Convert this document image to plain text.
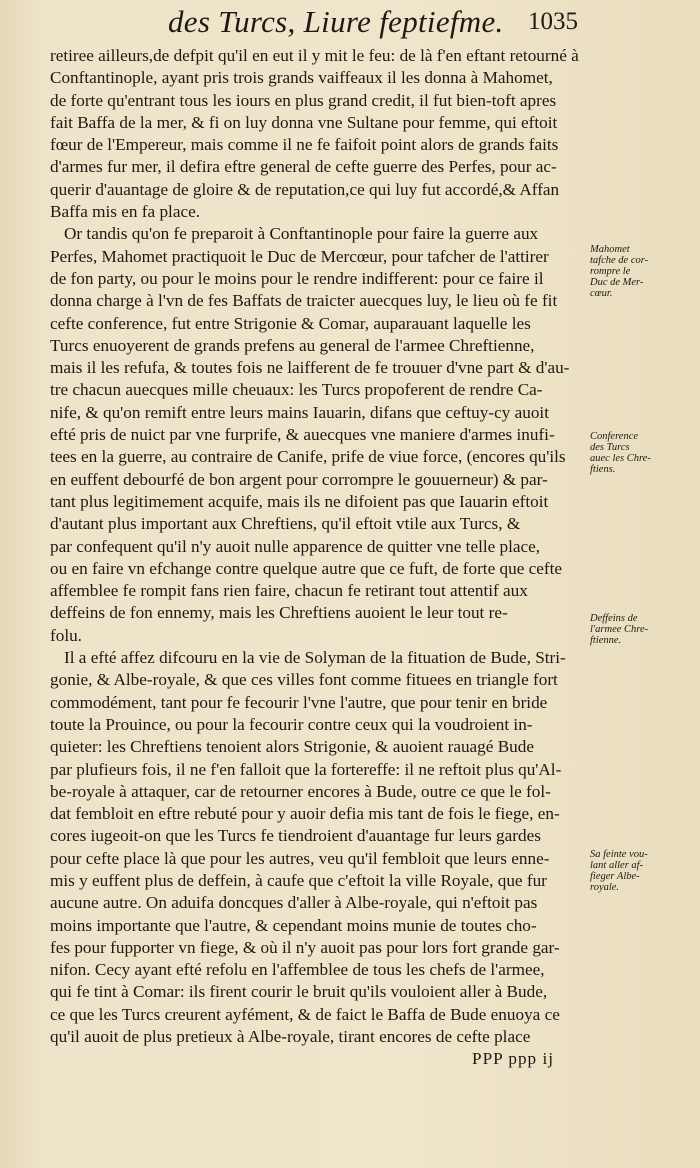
des Turcs, Liure feptiefme. 1035
retiree ailleurs,de defpit qu'il en eut il y mit le feu: de là f'en eftant retourné à
Conftantinople, ayant pris trois grands vaiffeaux il les donna à Mahomet,
de forte qu'entrant tous les iours en plus grand credit, il fut bien-toft apres
fait Baffa de la mer, & fi on luy donna vne Sultane pour femme, qui eftoit
fœur de l'Empereur, mais comme il ne fe faifoit point alors de grands faits
d'armes fur mer, il defira eftre general de cefte guerre des Perfes, pour ac-
querir d'auantage de gloire & de reputation,ce qui luy fut accordé,& Affan
Baffa mis en fa place.
Or tandis qu'on fe preparoit à Conftantinople pour faire la guerre aux
Perfes, Mahomet practiquoit le Duc de Mercœur, pour tafcher de l'attirer
de fon party, ou pour le moins pour le rendre indifferent: pour ce faire il
donna charge à l'vn de fes Baffats de traicter auecques luy, le lieu où fe fit
cefte conference, fut entre Strigonie & Comar, auparauant laquelle les
Turcs enuoyerent de grands prefens au general de l'armee Chreftienne,
mais il les refufa, & toutes fois ne laifferent de fe trouuer d'vne part & d'au-
tre chacun auecques mille cheuaux: les Turcs propoferent de rendre Ca-
nife, & qu'on remift entre leurs mains Iauarin, difans que ceftuy-cy auoit
efté pris de nuict par vne furprife, & auecques vne maniere d'armes inufi-
tees en la guerre, au contraire de Canife, prife de viue force, (encores qu'ils
en euffent debourfé de bon argent pour corrompre le gouuerneur) & par-
tant plus legitimement acquife, mais ils ne difoient pas que Iauarin eftoit
d'autant plus important aux Chreftiens, qu'il eftoit vtile aux Turcs, &
par confequent qu'il n'y auoit nulle apparence de quitter vne telle place,
ou en faire vn efchange contre quelque autre que ce fuft, de forte que cefte
affemblee fe rompit fans rien faire, chacun fe retirant tout attentif aux
deffeins de fon ennemy, mais les Chreftiens auoient le leur tout re-
folu.
Il a efté affez difcouru en la vie de Solyman de la fituation de Bude, Stri-
gonie, & Albe-royale, & que ces villes font comme fituees en triangle fort
commodément, tant pour fe fecourir l'vne l'autre, que pour tenir en bride
toute la Prouince, ou pour la fecourir contre ceux qui la voudroient in-
quieter: les Chreftiens tenoient alors Strigonie, & auoient rauagé Bude
par plufieurs fois, il ne f'en falloit que la fortereffe: il ne reftoit plus qu'Al-
be-royale à attaquer, car de retourner encores à Bude, outre ce que le fol-
dat fembloit en eftre rebuté pour y auoir defia mis tant de fois le fiege, en-
cores iugeoit-on que les Turcs fe tiendroient d'auantage fur leurs gardes
pour cefte place là que pour les autres, veu qu'il fembloit que leurs enne-
mis y euffent plus de deffein, à caufe que c'eftoit la ville Royale, que fur
aucune autre. On aduifa doncques d'aller à Albe-royale, qui n'eftoit pas
moins importante que l'autre, & cependant moins munie de toutes cho-
fes pour fupporter vn fiege, & où il n'y auoit pas pour lors fort grande gar-
nifon. Cecy ayant efté refolu en l'affemblee de tous les chefs de l'armee,
qui fe tint à Comar: ils firent courir le bruit qu'ils vouloient aller à Bude,
ce que les Turcs creurent ayfément, & de faict le Baffa de Bude enuoya ce
qu'il auoit de plus pretieux à Albe-royale, tirant encores de cefte place
PPP ppp ij
Mahomet
tafche de cor-
rompre le
Duc de Mer-
cœur.
Conference
des Turcs
auec les Chre-
ftiens.
Deffeins de
l'armee Chre-
ftienne.
Sa feinte vou-
lant aller af-
fieger Albe-
royale.
